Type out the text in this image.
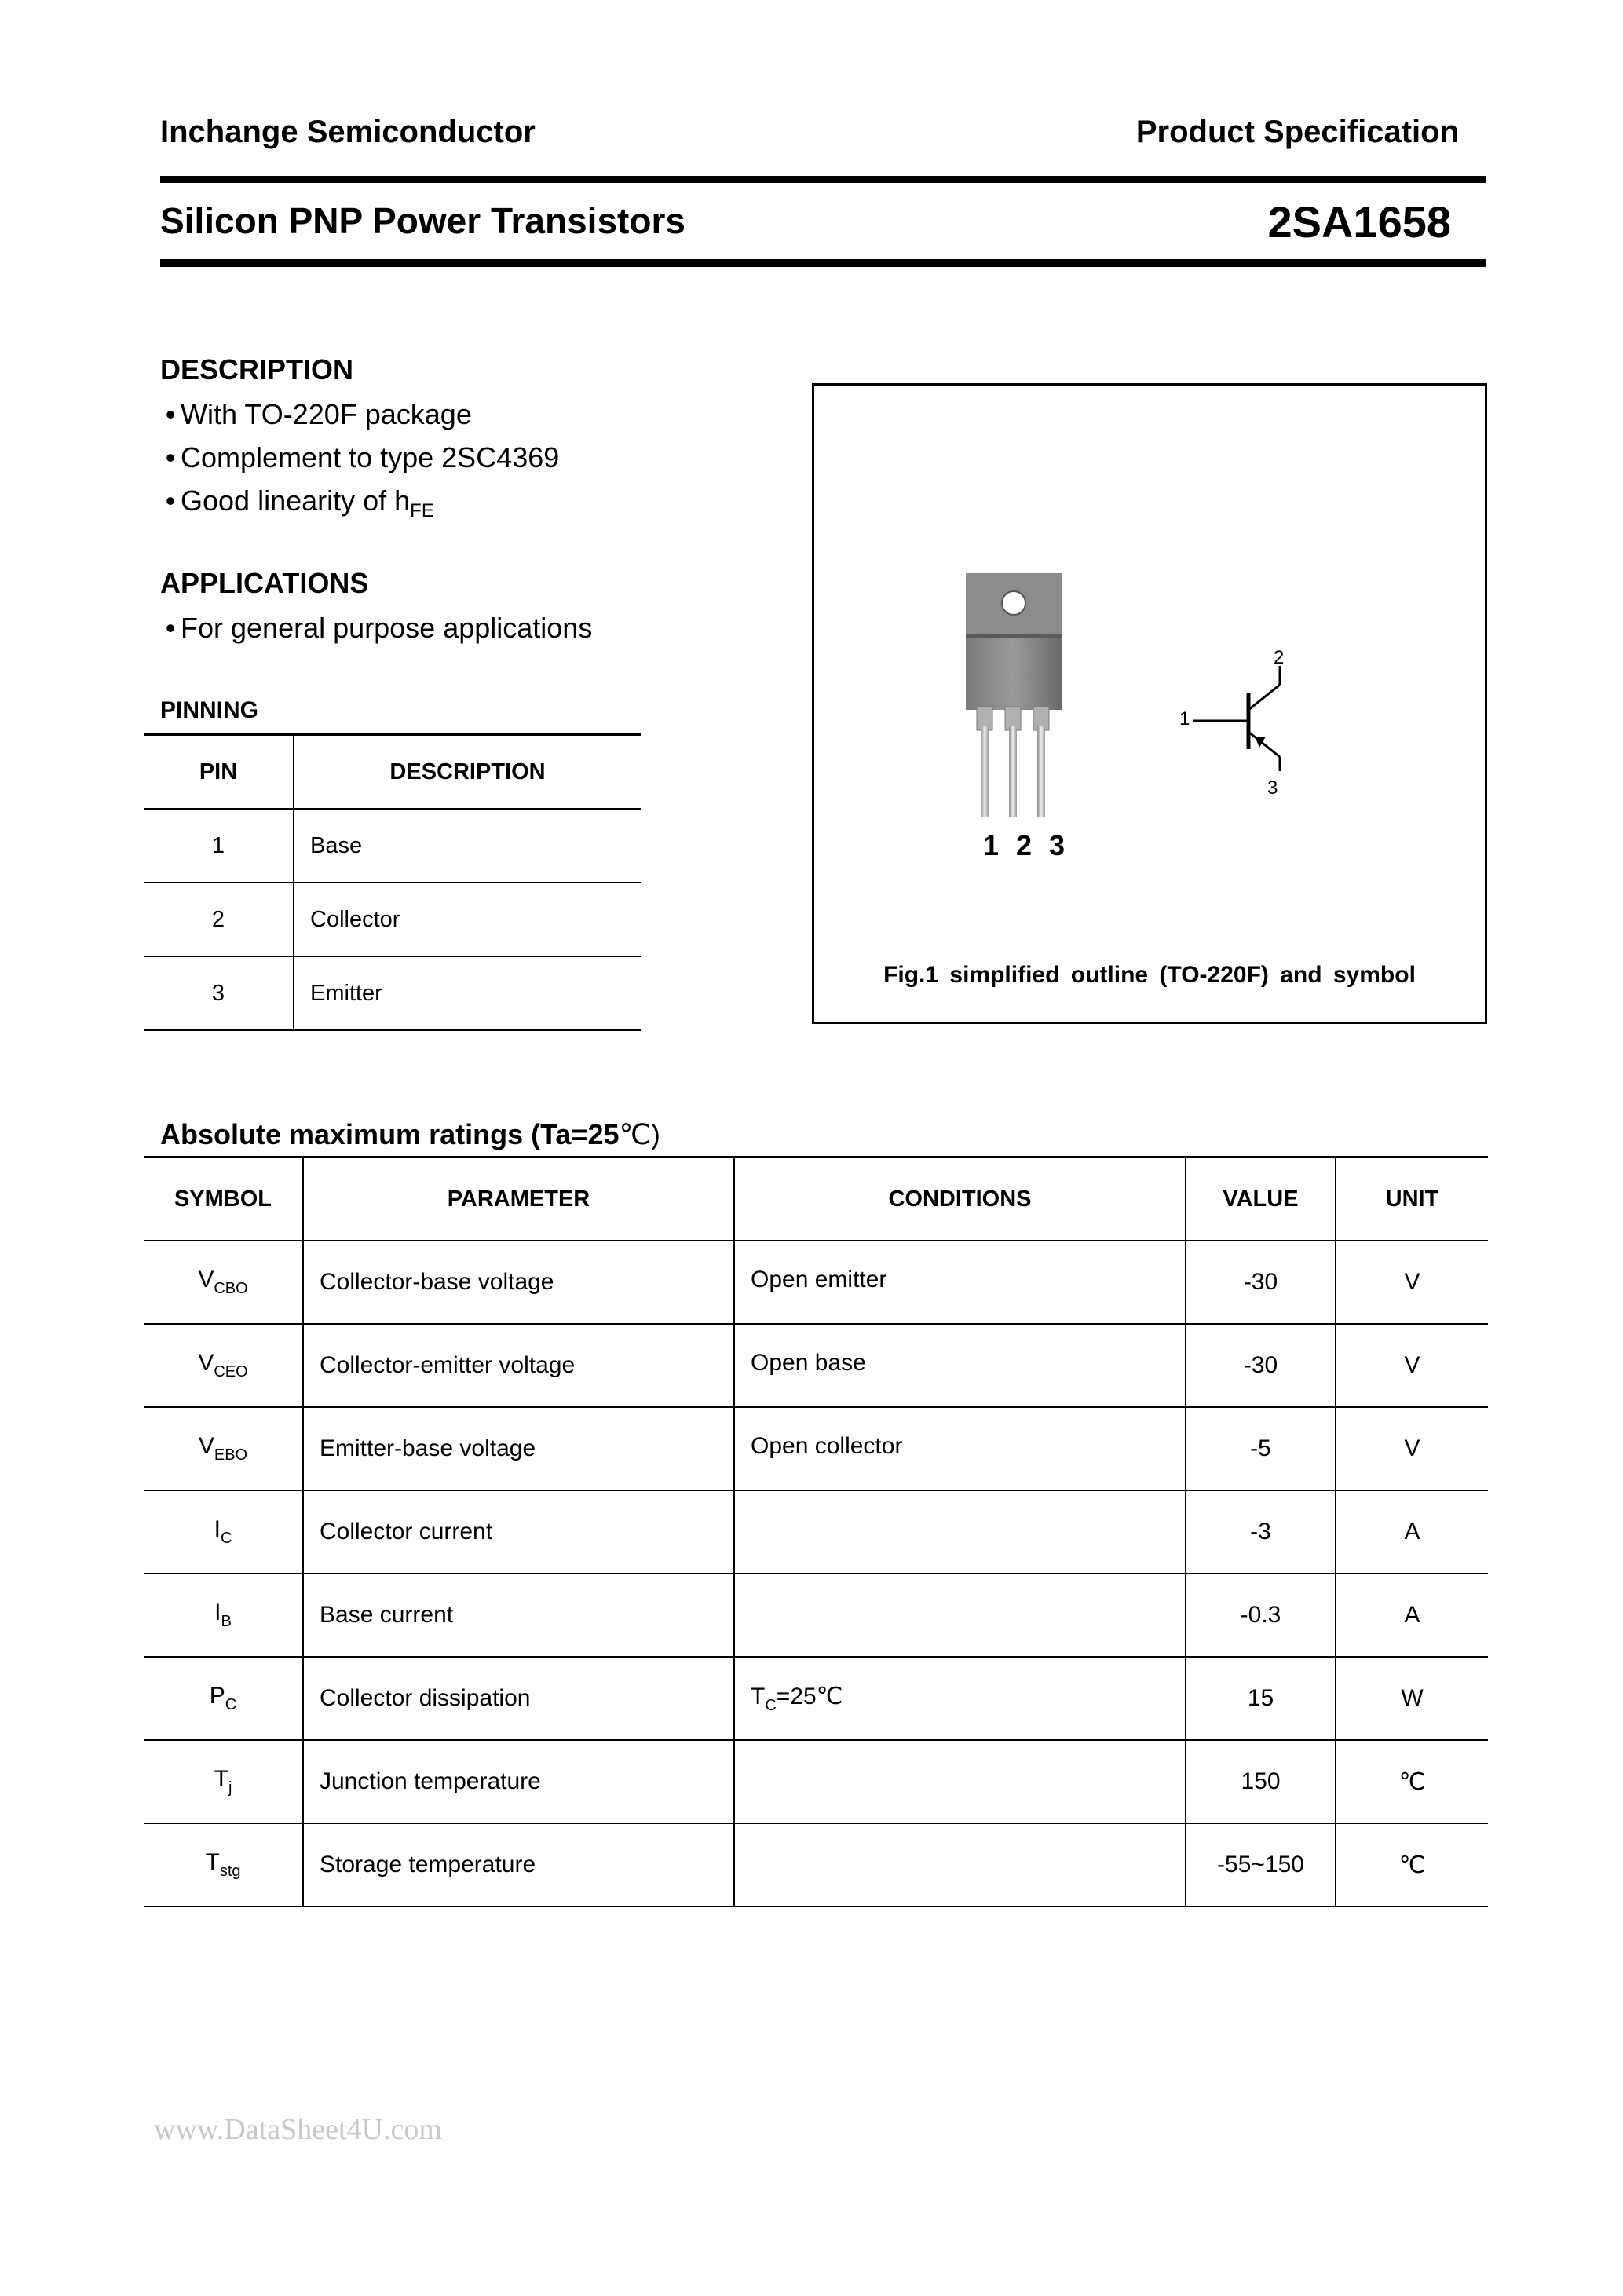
Inchange Semiconductor	Product Specification
Silicon PNP Power Transistors	2SA1658
DESCRIPTION
• With TO-220F package
• Complement to type 2SC4369
• Good linearity of $h_{FE}$
APPLICATIONS
• For general purpose applications
PINNING
PIN	DESCRIPTION
1	Base
2	Collector
3	Emitter
1 2 3
1
2
3
Fig.1 simplified outline (TO-220F) and symbol
Absolute maximum ratings (Ta=25℃)
SYMBOL	PARAMETER	CONDITIONS	VALUE	UNIT
$V_{CBO}$	Collector-base voltage	Open emitter	-30	V
$V_{CEO}$	Collector-emitter voltage	Open base	-30	V
$V_{EBO}$	Emitter-base voltage	Open collector	-5	V
$I_C$	Collector current		-3	A
$I_B$	Base current		-0.3	A
$P_C$	Collector dissipation	$T_C=25℃$	15	W
$T_j$	Junction temperature		150	℃
$T_{stg}$	Storage temperature		-55~150	℃
www.DataSheet4U.com
